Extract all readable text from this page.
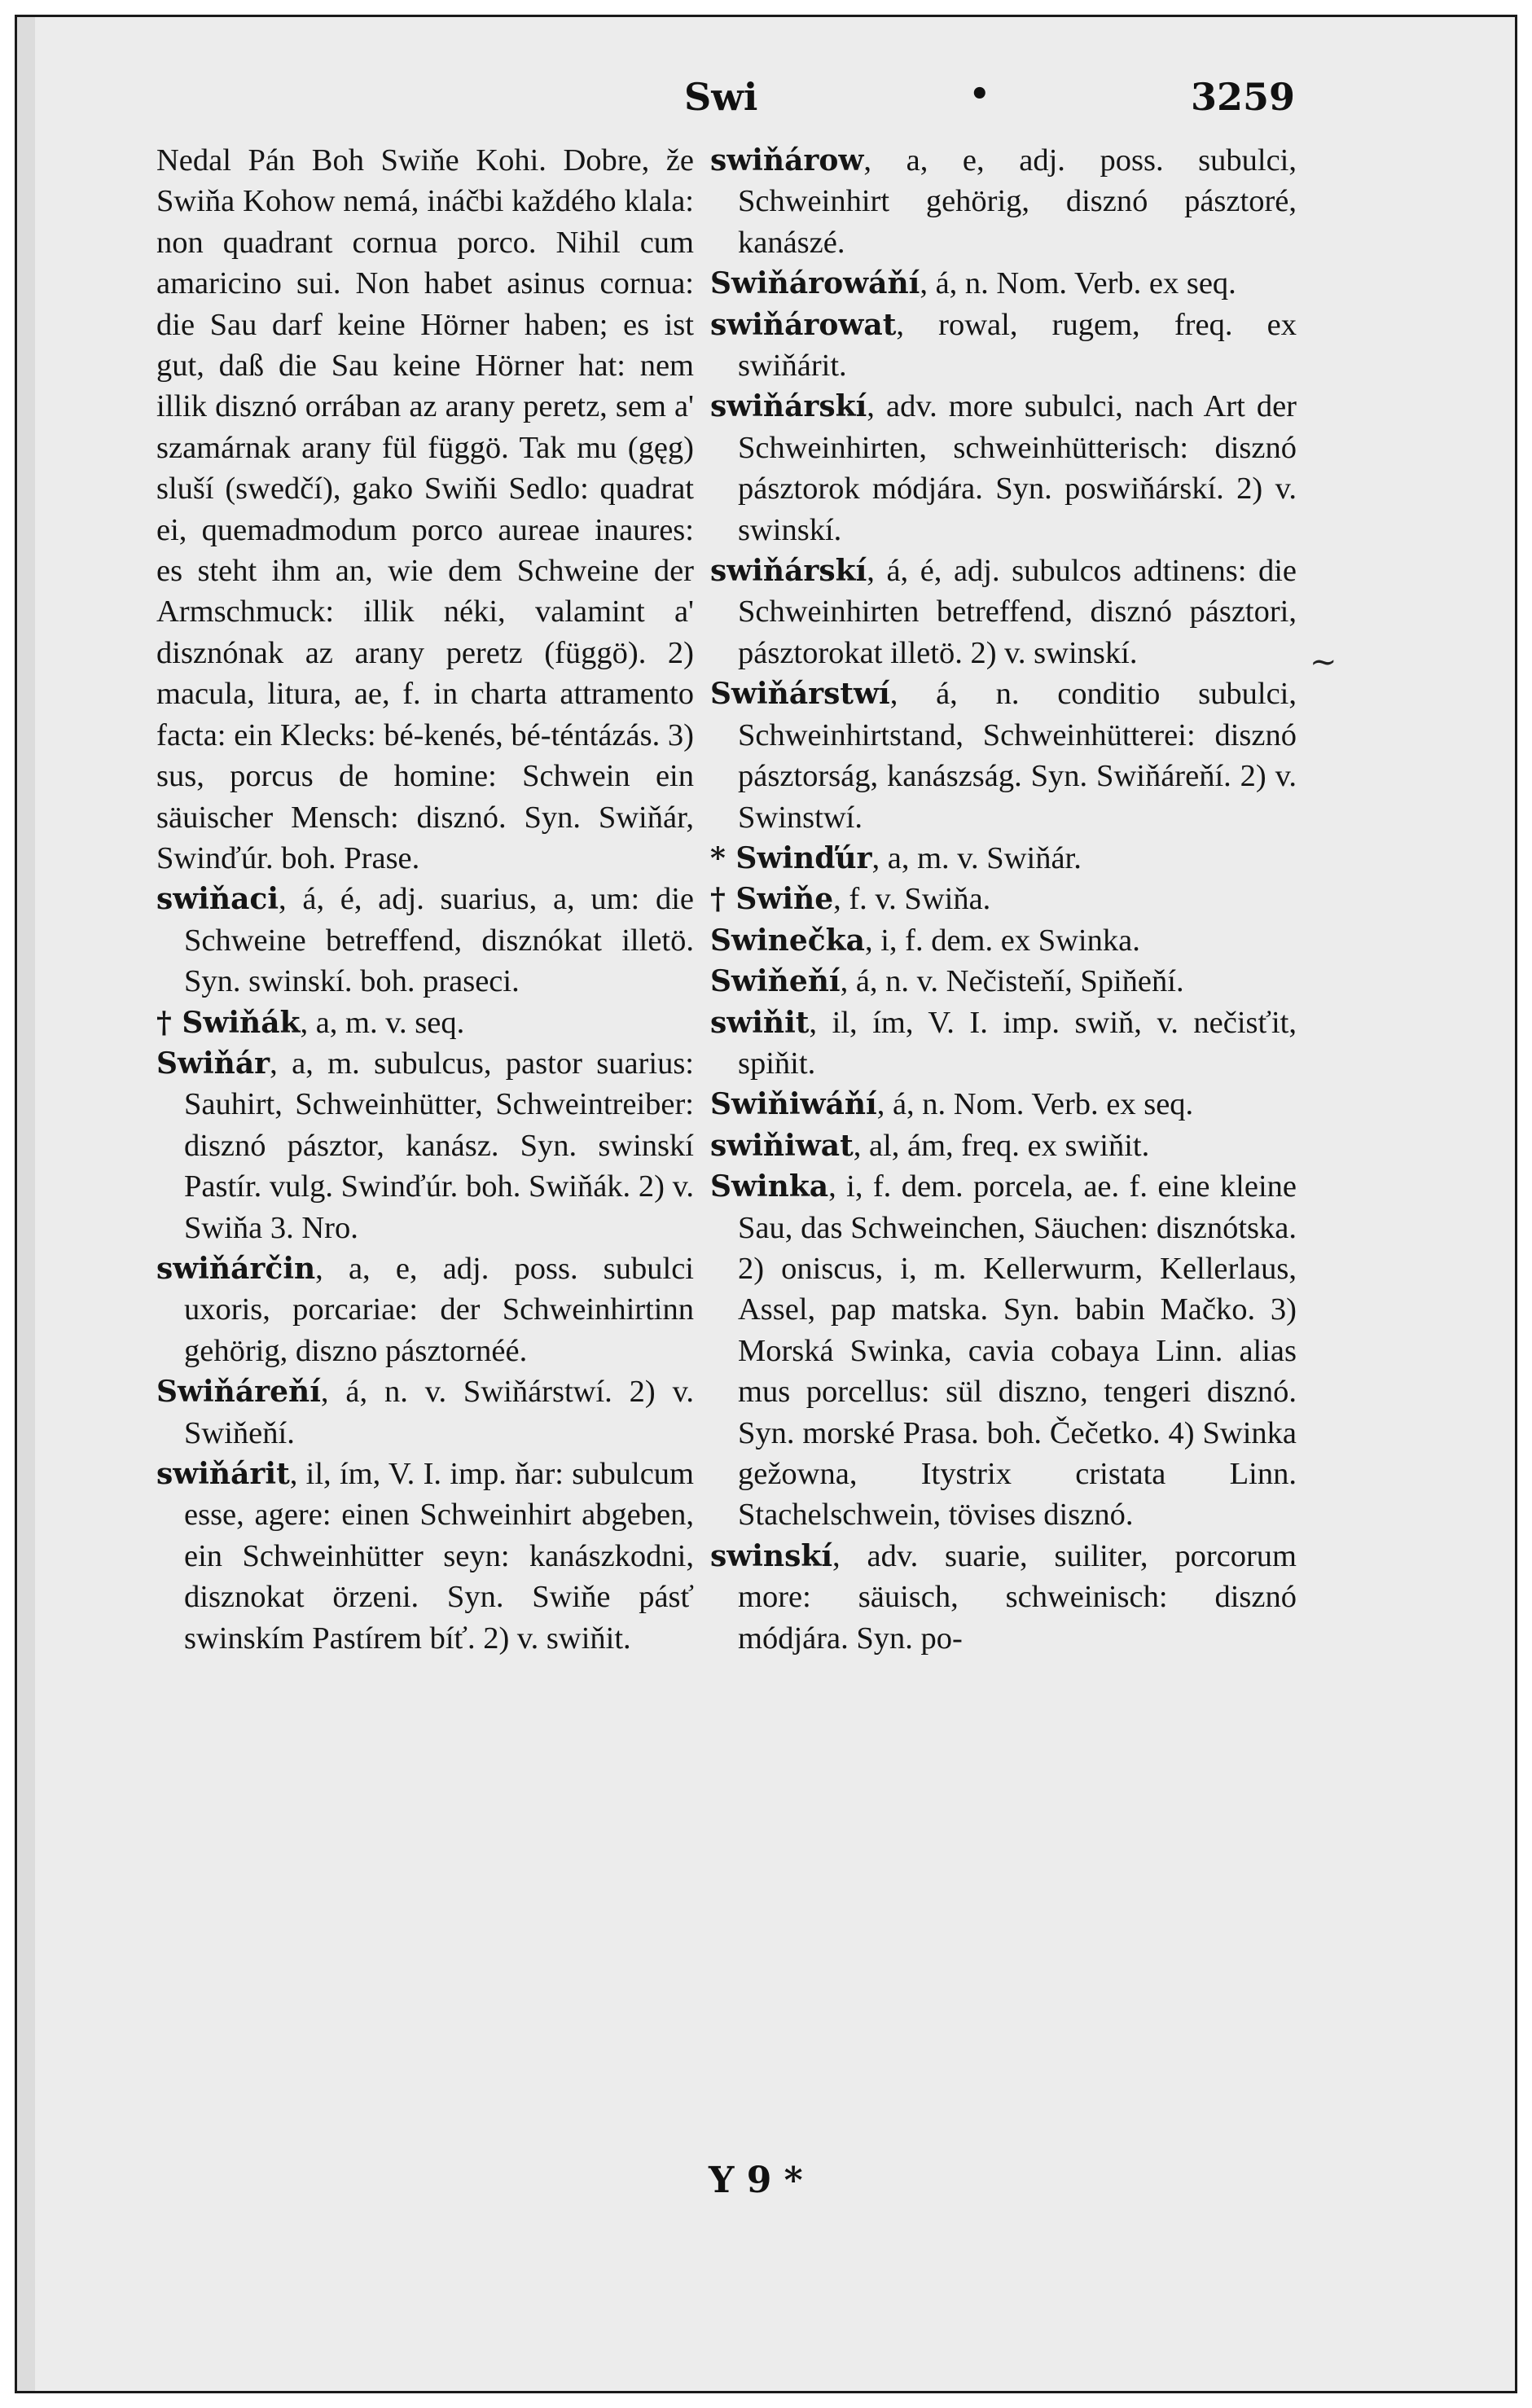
Swi	•	3259
Nedal Pán Boh Swiňe Kohi. Dobre, že Swiňa Kohow nemá, ináčbi každého klala: non quadrant cornua porco. Nihil cum amaricino sui. Non habet asinus cornua: die Sau darf keine Hörner haben; es ist gut, daß die Sau keine Hörner hat: nem illik disznó orrában az arany peretz, sem a' szamárnak arany fül függö. Tak mu (gęg) sluší (swedčí), gako Swiňi Sedlo: quadrat ei, quemadmodum porco aureae inaures: es steht ihm an, wie dem Schweine der Armschmuck: illik néki, valamint a' disznónak az arany peretz (függö). 2) macula, litura, ae, f. in charta attramento facta: ein Klecks: bé-kenés, bé-téntázás. 3) sus, porcus de homine: Schwein ein säuischer Mensch: disznó. Syn. Swiňár, Swinďúr. boh. Prase.
swiňaci, á, é, adj. suarius, a, um: die Schweine betreffend, disznókat illetö. Syn. swinskí. boh. praseci.
† Swiňák, a, m. v. seq.
Swiňár, a, m. subulcus, pastor suarius: Sauhirt, Schweinhütter, Schweintreiber: disznó pásztor, kanász. Syn. swinskí Pastír. vulg. Swinďúr. boh. Swiňák. 2) v. Swiňa 3. Nro.
swiňárčin, a, e, adj. poss. subulci uxoris, porcariae: der Schweinhirtinn gehörig, diszno pásztornéé.
Swiňáreňí, á, n. v. Swiňárstwí. 2) v. Swiňeňí.
swiňárit, il, ím, V. I. imp. ňar: subulcum esse, agere: einen Schweinhirt abgeben, ein Schweinhütter seyn: kanászkodni, disznokat örzeni. Syn. Swiňe pásť swinskím Pastírem bíť. 2) v. swiňit.
swiňárow, a, e, adj. poss. subulci, Schweinhirt gehörig, disznó pásztoré, kanászé.
Swiňárowáňí, á, n. Nom. Verb. ex seq.
swiňárowat, rowal, rugem, freq. ex swiňárit.
swiňárskí, adv. more subulci, nach Art der Schweinhirten, schweinhütterisch: disznó pásztorok módjára. Syn. poswiňárskí. 2) v. swinskí.
swiňárskí, á, é, adj. subulcos adtinens: die Schweinhirten betreffend, disznó pásztori, pásztorokat illetö. 2) v. swinskí.
Swiňárstwí, á, n. conditio subulci, Schweinhirtstand, Schweinhütterei: disznó pásztorság, kanászság. Syn. Swiňáreňí. 2) v. Swinstwí.
* Swinďúr, a, m. v. Swiňár.
† Swiňe, f. v. Swiňa.
Swinečka, i, f. dem. ex Swinka.
Swiňeňí, á, n. v. Nečisteňí, Spiňeňí.
swiňit, il, ím, V. I. imp. swiň, v. nečisťit, spiňit.
Swiňiwáňí, á, n. Nom. Verb. ex seq.
swiňiwat, al, ám, freq. ex swiňit.
Swinka, i, f. dem. porcela, ae. f. eine kleine Sau, das Schweinchen, Säuchen: disznótska. 2) oniscus, i, m. Kellerwurm, Kellerlaus, Assel, pap matska. Syn. babin Mačko. 3) Morská Swinka, cavia cobaya Linn. alias mus porcellus: sül diszno, tengeri disznó. Syn. morské Prasa. boh. Čečetko. 4) Swinka gežowna, Itystrix cristata Linn. Stachelschwein, tövises disznó.
swinskí, adv. suarie, suiliter, porcorum more: säuisch, schweinisch: disznó módjára. Syn. po-
~
Y 9 *
